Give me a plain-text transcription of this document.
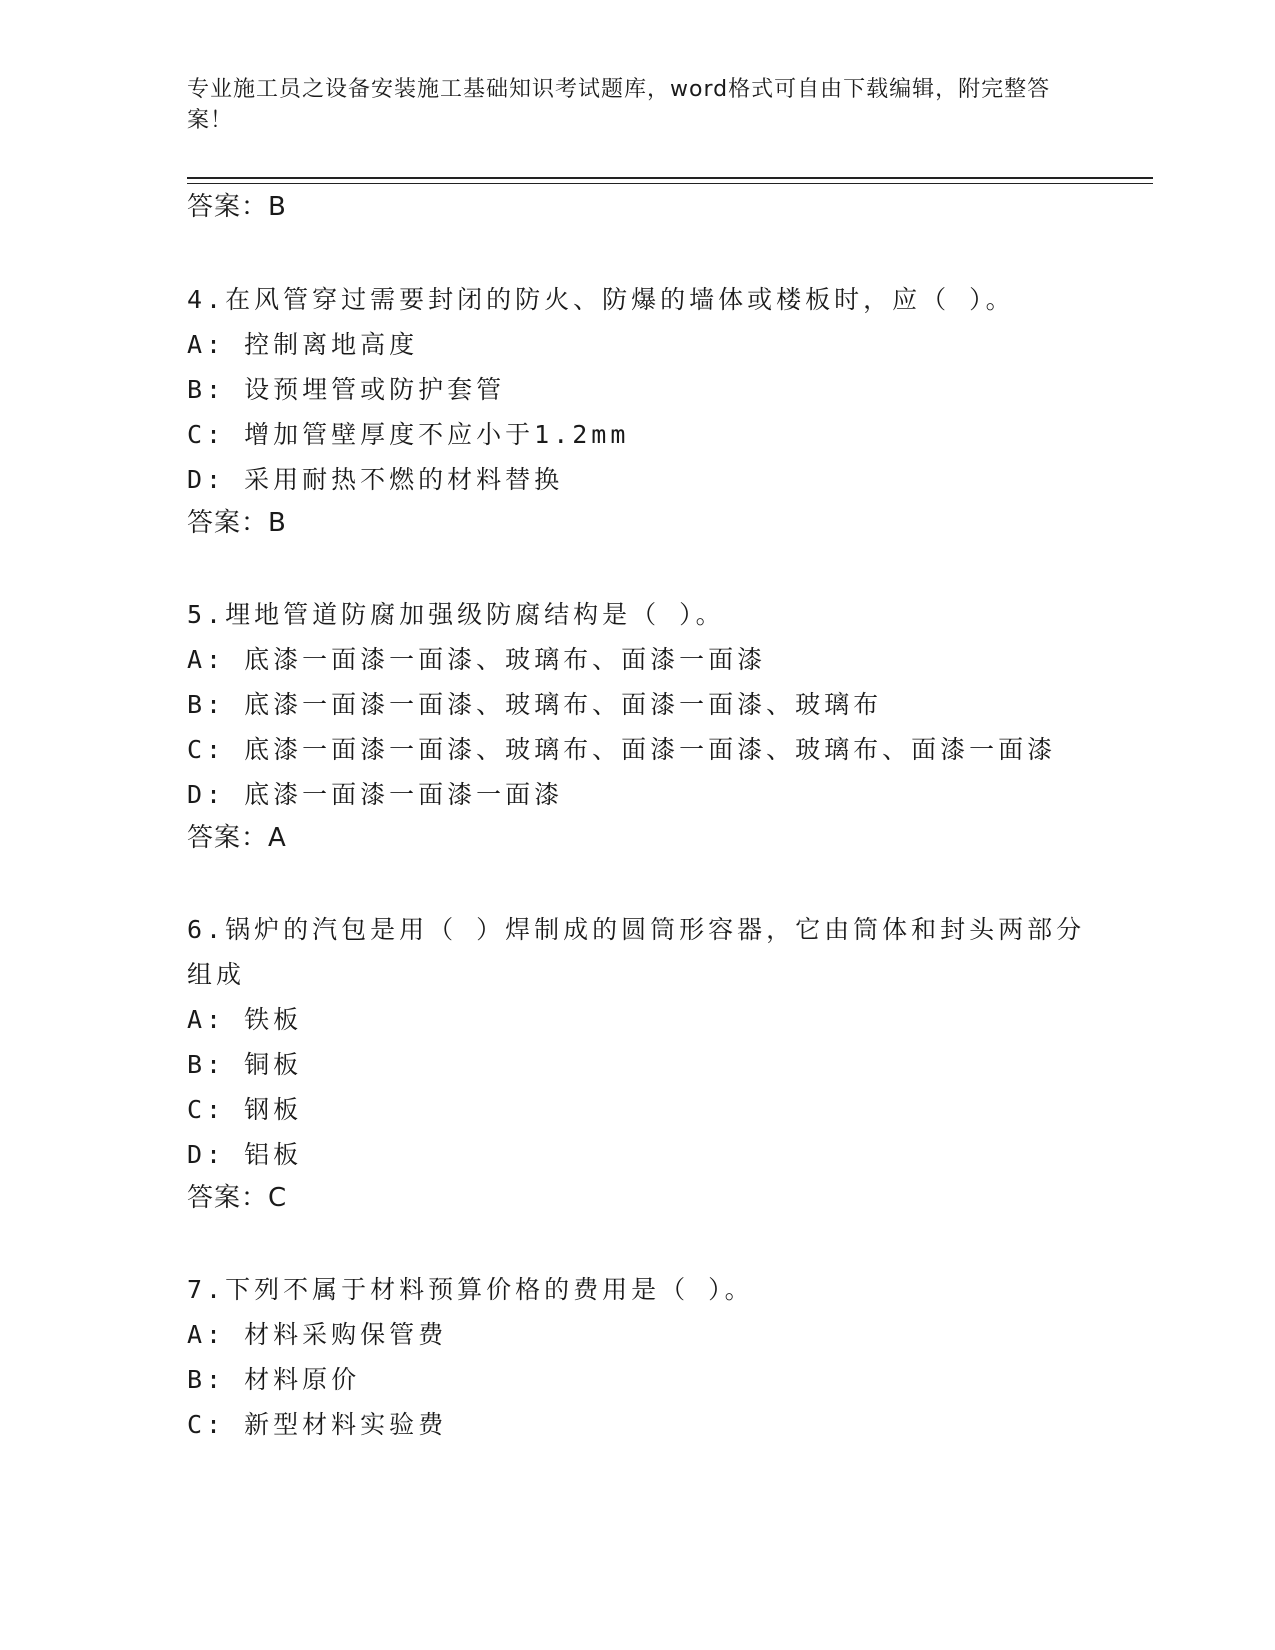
专业施工员之设备安装施工基础知识考试题库，word格式可自由下载编辑，附完整答案！
答案：B
4.在风管穿过需要封闭的防火、防爆的墙体或楼板时，应（ ）。
A: 控制离地高度
B: 设预埋管或防护套管
C: 增加管壁厚度不应小于1.2mm
D: 采用耐热不燃的材料替换
答案：B
5.埋地管道防腐加强级防腐结构是（ ）。
A: 底漆一面漆一面漆、玻璃布、面漆一面漆
B: 底漆一面漆一面漆、玻璃布、面漆一面漆、玻璃布
C: 底漆一面漆一面漆、玻璃布、面漆一面漆、玻璃布、面漆一面漆
D: 底漆一面漆一面漆一面漆
答案：A
6.锅炉的汽包是用（ ）焊制成的圆筒形容器，它由筒体和封头两部分
组成
A: 铁板
B: 铜板
C: 钢板
D: 铝板
答案：C
7.下列不属于材料预算价格的费用是（ ）。
A: 材料采购保管费
B: 材料原价
C: 新型材料实验费
